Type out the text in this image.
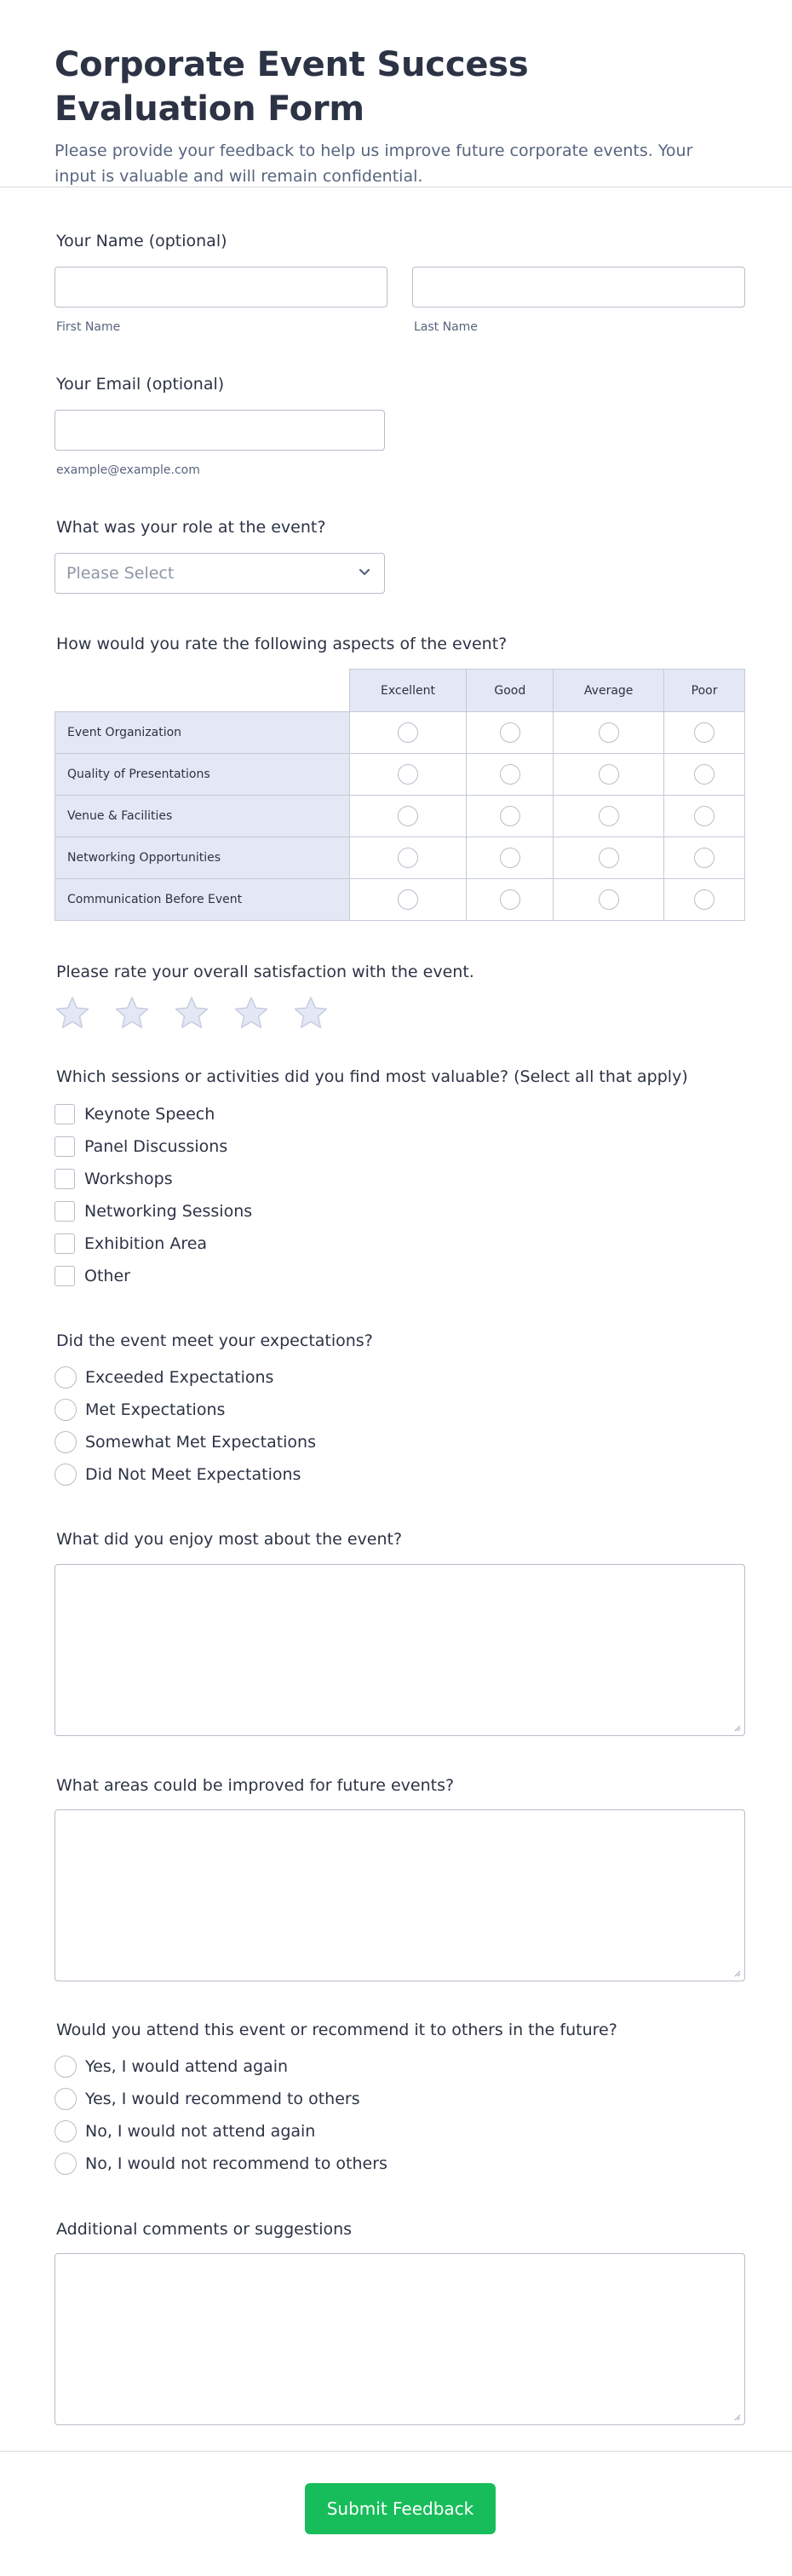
Corporate Event Success Evaluation Form

Please provide your feedback to help us improve future corporate events. Your input is valuable and will remain confidential.

Your Name (optional)
First Name	Last Name
Your Email (optional)
example@example.com
What was your role at the event?
Please Select
How would you rate the following aspects of the event?
	Excellent	Good	Average	Poor
Event Organization				
Quality of Presentations				
Venue & Facilities				
Networking Opportunities				
Communication Before Event				
Please rate your overall satisfaction with the event.
Which sessions or activities did you find most valuable? (Select all that apply)
Keynote Speech
Panel Discussions
Workshops
Networking Sessions
Exhibition Area
Other
Did the event meet your expectations?
Exceeded Expectations
Met Expectations
Somewhat Met Expectations
Did Not Meet Expectations
What did you enjoy most about the event?
What areas could be improved for future events?
Would you attend this event or recommend it to others in the future?
Yes, I would attend again
Yes, I would recommend to others
No, I would not attend again
No, I would not recommend to others
Additional comments or suggestions
Submit Feedback
